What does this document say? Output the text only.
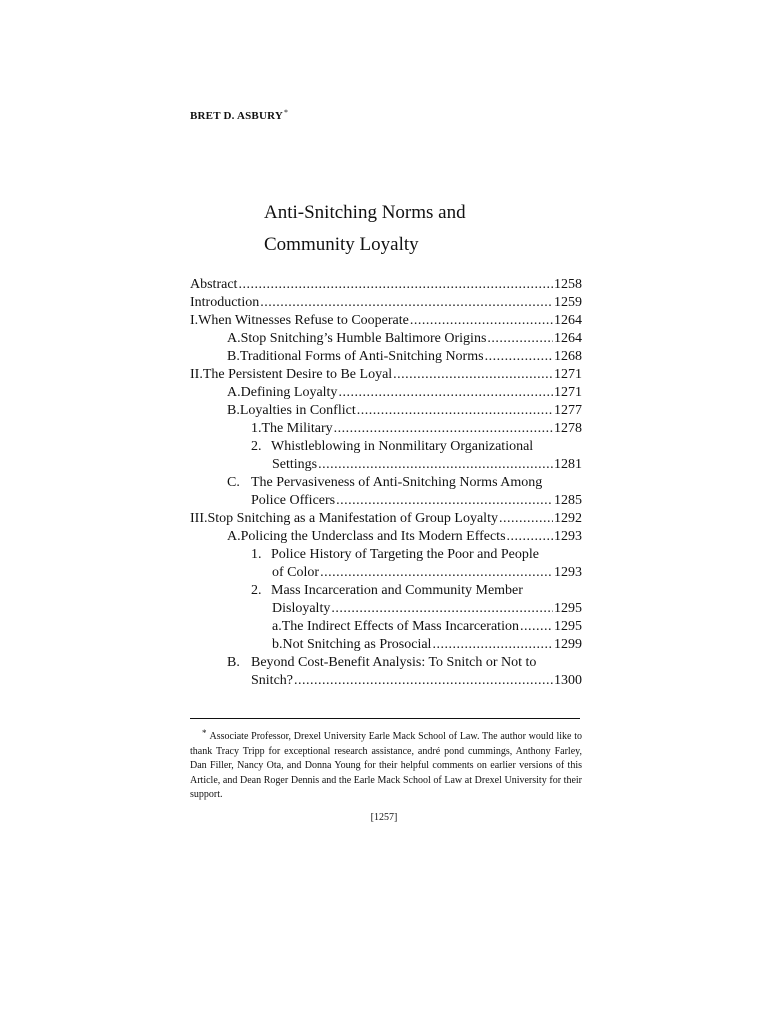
BRET D. ASBURY*
Anti-Snitching Norms and
Community Loyalty
Abstract .....	1258
Introduction .....	1259
I. When Witnesses Refuse to Cooperate .....	1264
A. Stop Snitching’s Humble Baltimore Origins .....	1264
B. Traditional Forms of Anti-Snitching Norms .....	1268
II. The Persistent Desire to Be Loyal .....	1271
A. Defining Loyalty .....	1271
B. Loyalties in Conflict .....	1277
1. The Military .....	1278
2. Whistleblowing in Nonmilitary Organizational
Settings .....	1281
C. The Pervasiveness of Anti-Snitching Norms Among
Police Officers .....	1285
III. Stop Snitching as a Manifestation of Group Loyalty .....	1292
A. Policing the Underclass and Its Modern Effects .....	1293
1. Police History of Targeting the Poor and People
of Color .....	1293
2. Mass Incarceration and Community Member
Disloyalty .....	1295
a. The Indirect Effects of Mass Incarceration .....	1295
b. Not Snitching as Prosocial .....	1299
B. Beyond Cost-Benefit Analysis: To Snitch or Not to
Snitch? .....	1300
* Associate Professor, Drexel University Earle Mack School of Law. The author would like to thank Tracy Tripp for exceptional research assistance, andré pond cummings, Anthony Farley, Dan Filler, Nancy Ota, and Donna Young for their helpful comments on earlier versions of this Article, and Dean Roger Dennis and the Earle Mack School of Law at Drexel University for their support.
[1257]
